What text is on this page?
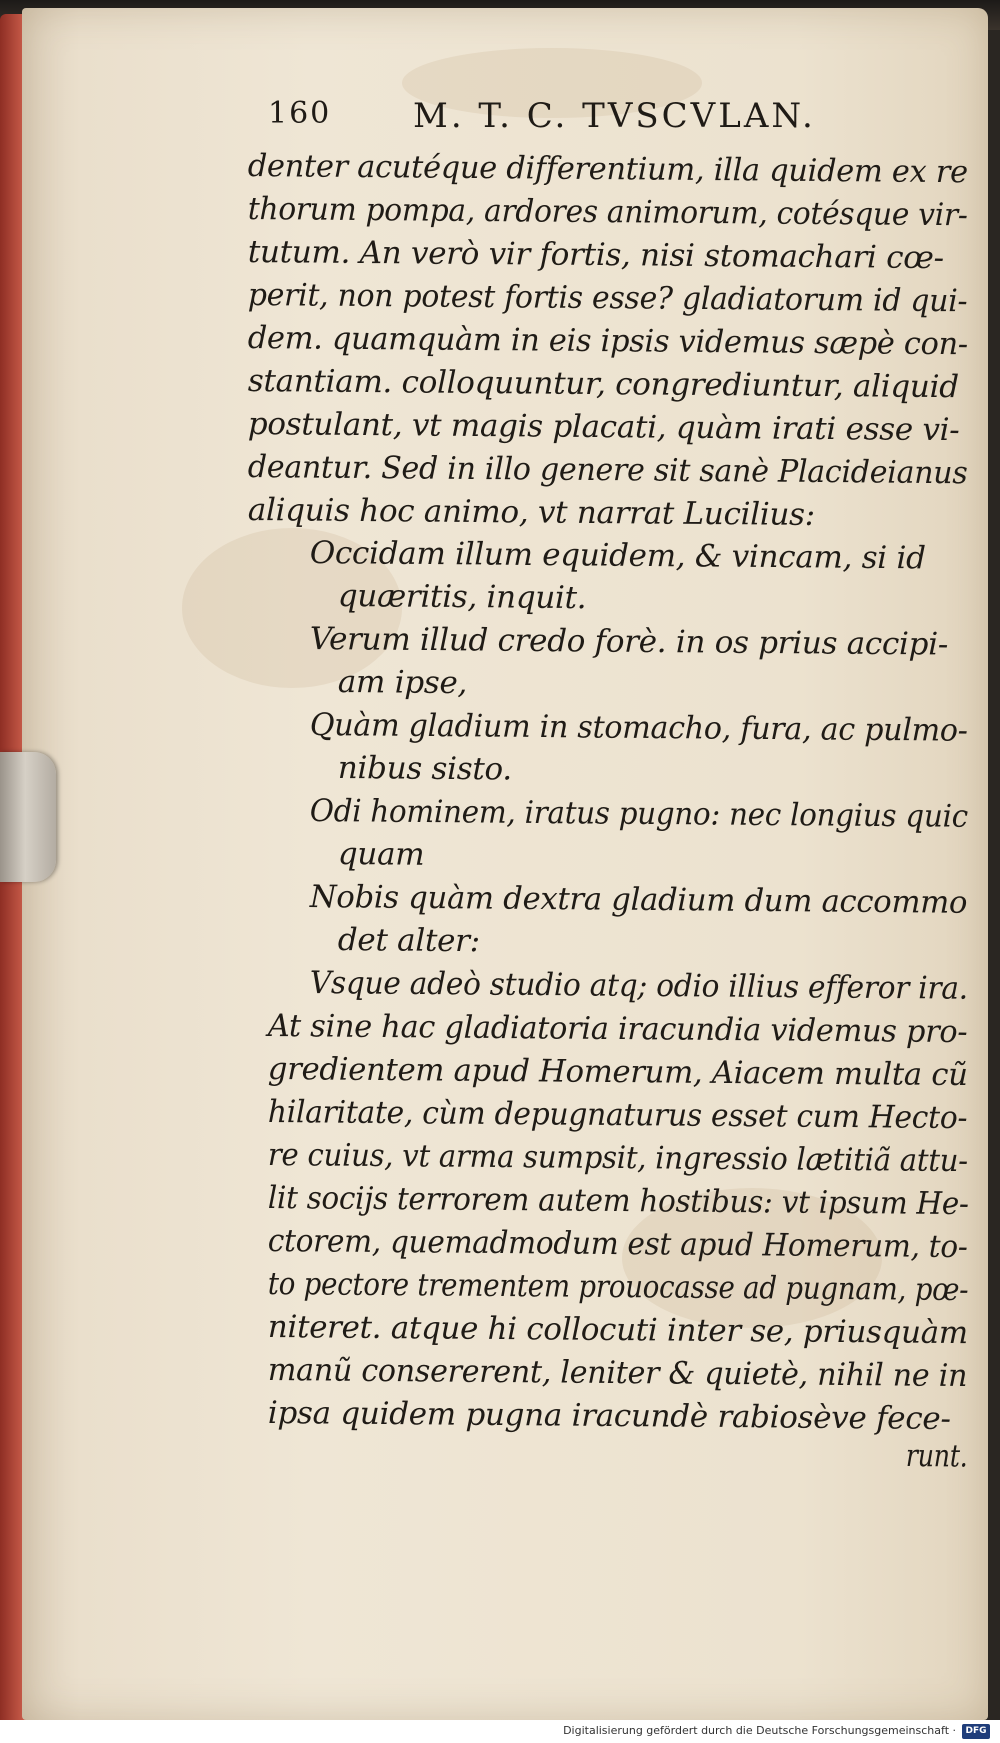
160 M. T. C. TVSCVLAN.
denter acutéque differentium, illa quidem ex re
thorum pompa, ardores animorum, cotésque vir-
tutum. An verò vir fortis, nisi stomachari cœ-
perit, non potest fortis esse? gladiatorum id qui-
dem. quamquàm in eis ipsis videmus sæpè con-
stantiam. colloquuntur, congrediuntur, aliquid
postulant, vt magis placati, quàm irati esse vi-
deantur. Sed in illo genere sit sanè Placideianus
aliquis hoc animo, vt narrat Lucilius:
Occidam illum equidem, & vincam, si id
quæritis, inquit.
Verum illud credo forè. in os prius accipi-
am ipse,
Quàm gladium in stomacho, fura, ac pulmo-
nibus sisto.
Odi hominem, iratus pugno: nec longius quic
quam
Nobis quàm dextra gladium dum accommo
det alter:
Vsque adeò studio atq; odio illius efferor ira.
At sine hac gladiatoria iracundia videmus pro-
gredientem apud Homerum, Aiacem multa cũ
hilaritate, cùm depugnaturus esset cum Hecto-
re cuius, vt arma sumpsit, ingressio lætitiã attu-
lit socijs terrorem autem hostibus: vt ipsum He-
ctorem, quemadmodum est apud Homerum, to-
to pectore trementem prouocasse ad pugnam, pœ-
niteret. atque hi collocuti inter se, priusquàm
manũ consererent, leniter & quietè, nihil ne in
ipsa quidem pugna iracundè rabiosève fece-
runt.
Digitalisierung gefördert durch die Deutsche Forschungsgemeinschaft ·	DFG
